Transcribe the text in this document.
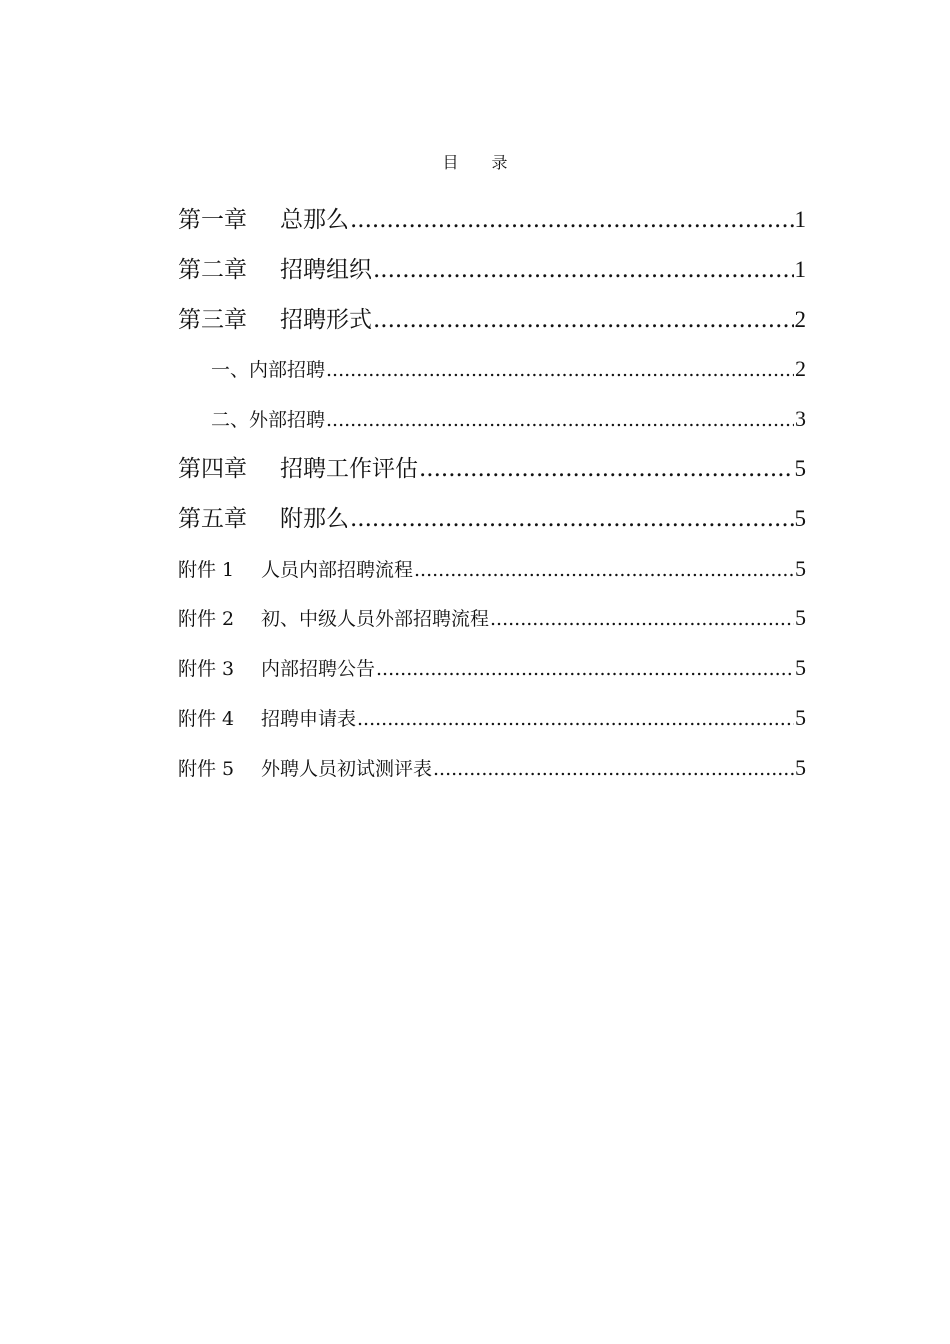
目 录
第一章	总那么 .....	1
第二章	招聘组织 .....	1
第三章	招聘形式 .....	2
一、内部招聘 .....	2
二、外部招聘 .....	3
第四章	招聘工作评估 .....	5
第五章	附那么 .....	5
附件 1	人员内部招聘流程 .....	5
附件 2	初、中级人员外部招聘流程 .....	5
附件 3	内部招聘公告 .....	5
附件 4	招聘申请表 .....	5
附件 5	外聘人员初试测评表 .....	5
